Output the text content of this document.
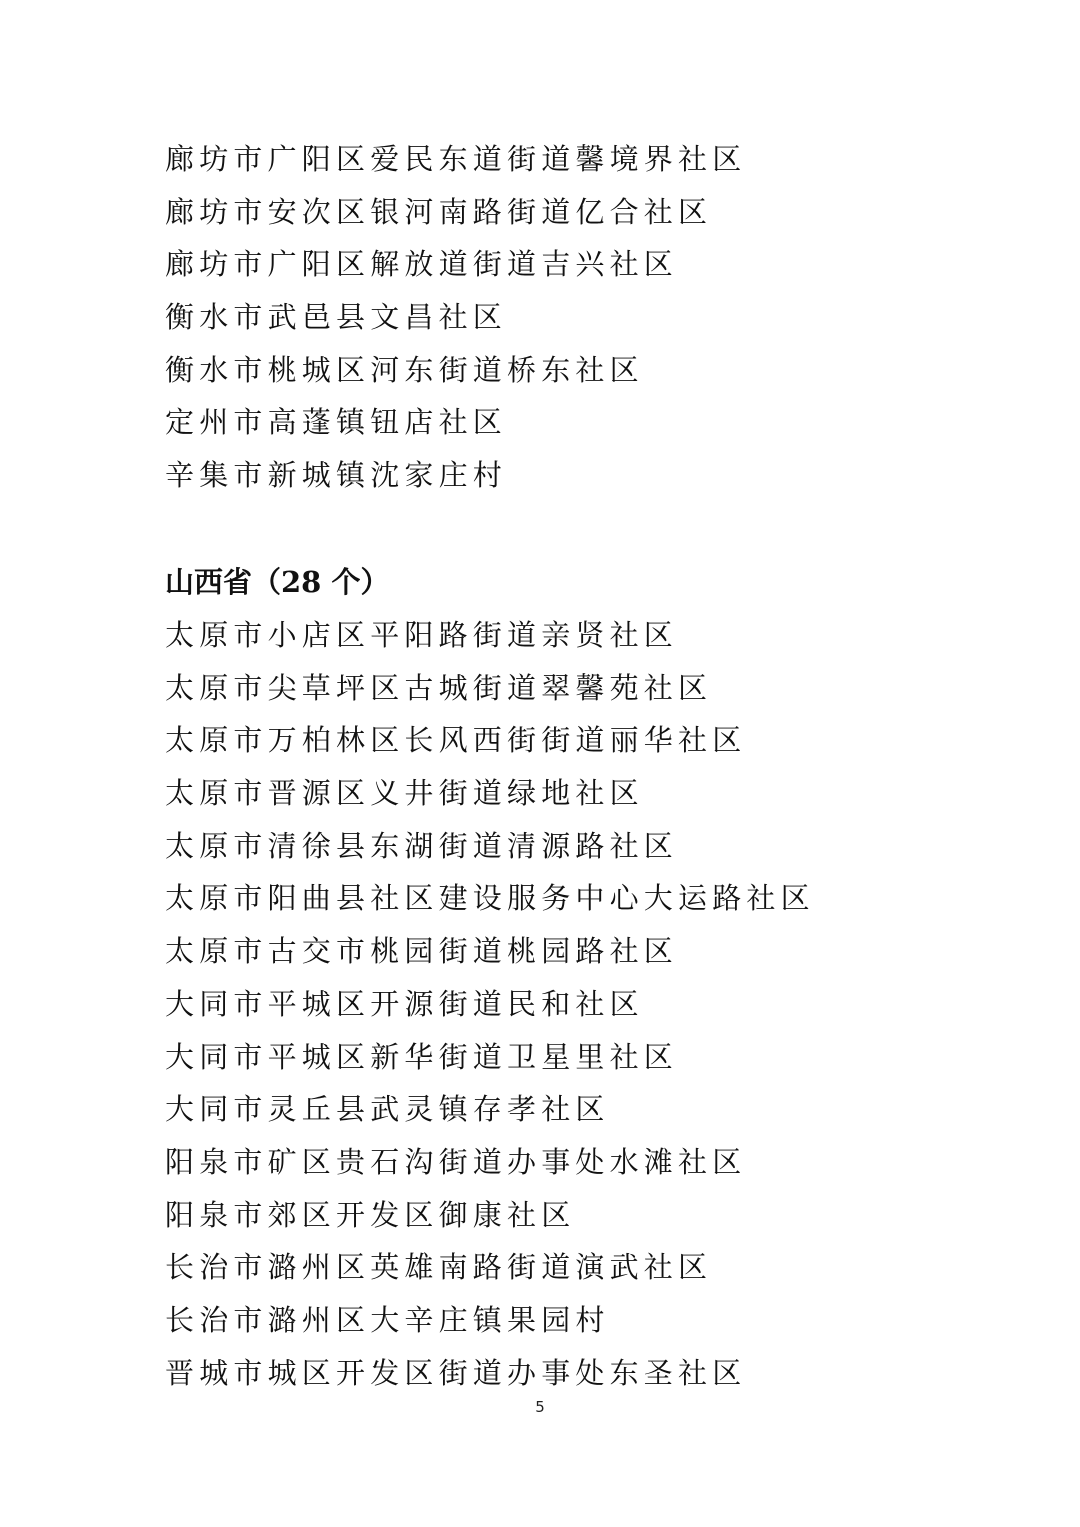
廊坊市广阳区爱民东道街道馨境界社区
廊坊市安次区银河南路街道亿合社区
廊坊市广阳区解放道街道吉兴社区
衡水市武邑县文昌社区
衡水市桃城区河东街道桥东社区
定州市高蓬镇钮店社区
辛集市新城镇沈家庄村
山西省（28 个）
太原市小店区平阳路街道亲贤社区
太原市尖草坪区古城街道翠馨苑社区
太原市万柏林区长风西街街道丽华社区
太原市晋源区义井街道绿地社区
太原市清徐县东湖街道清源路社区
太原市阳曲县社区建设服务中心大运路社区
太原市古交市桃园街道桃园路社区
大同市平城区开源街道民和社区
大同市平城区新华街道卫星里社区
大同市灵丘县武灵镇存孝社区
阳泉市矿区贵石沟街道办事处水滩社区
阳泉市郊区开发区御康社区
长治市潞州区英雄南路街道演武社区
长治市潞州区大辛庄镇果园村
晋城市城区开发区街道办事处东圣社区
5
